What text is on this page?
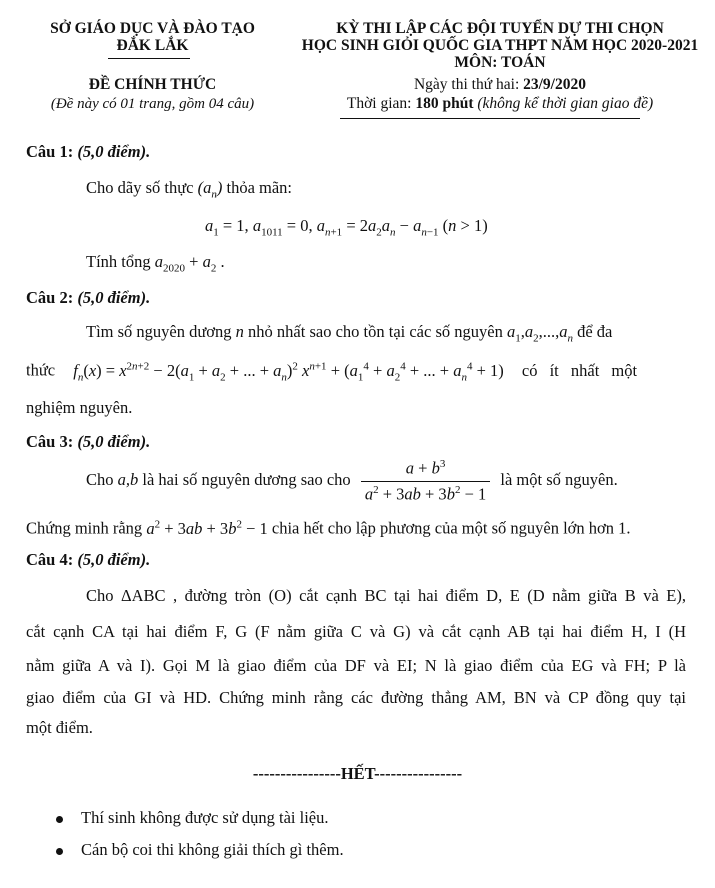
SỞ GIÁO DỤC VÀ ĐÀO TẠO
ĐẮK LẮK
ĐỀ CHÍNH THỨC
(Đề này có 01 trang, gồm 04 câu)
KỲ THI LẬP CÁC ĐỘI TUYỂN DỰ THI CHỌN
HỌC SINH GIỎI QUỐC GIA THPT NĂM HỌC 2020-2021
MÔN: TOÁN
Ngày thi thứ hai: 23/9/2020
Thời gian: 180 phút (không kể thời gian giao đề)
Câu 1: (5,0 điểm).
Cho dãy số thực $(a_n)$ thỏa mãn:
$a_1 = 1$, $a_{1011} = 0$, $a_{n+1} = 2a_2a_n - a_{n-1}$ (n > 1)
Tính tổng $a_{2020} + a_2$ .
Câu 2: (5,0 điểm).
Tìm số nguyên dương n nhỏ nhất sao cho tồn tại các số nguyên $a_1,a_2,...,a_n$ để đa
thức $f_n(x) = x^{2n+2} - 2(a_1 + a_2$ + ... + $a_n)^2$ $x^{n+1} + (a_1^4 + a_2^4$ + ... + $a_n^4 + 1$) có ít nhất một
nghiệm nguyên.
Câu 3: (5,0 điểm).
Cho a,b là hai số nguyên dương sao cho $\frac{a + b^3}{a^2 + 3ab + 3b^2 - 1}$ là một số nguyên.
Chứng minh rằng $a^2 + 3ab + 3b^2 - 1$ chia hết cho lập phương của một số nguyên lớn hơn 1.
Câu 4: (5,0 điểm).
Cho ΔABC , đường tròn (O) cắt cạnh BC tại hai điểm D, E (D nằm giữa B và E),
cắt cạnh CA tại hai điểm F, G (F nằm giữa C và G) và cắt cạnh AB tại hai điểm H, I (H
nằm giữa A và I). Gọi M là giao điểm của DF và EI; N là giao điểm của EG và FH; P là
giao điểm của GI và HD. Chứng minh rằng các đường thẳng AM, BN và CP đồng quy tại
một điểm.
----------------HẾT----------------
Thí sinh không được sử dụng tài liệu.
Cán bộ coi thi không giải thích gì thêm.
